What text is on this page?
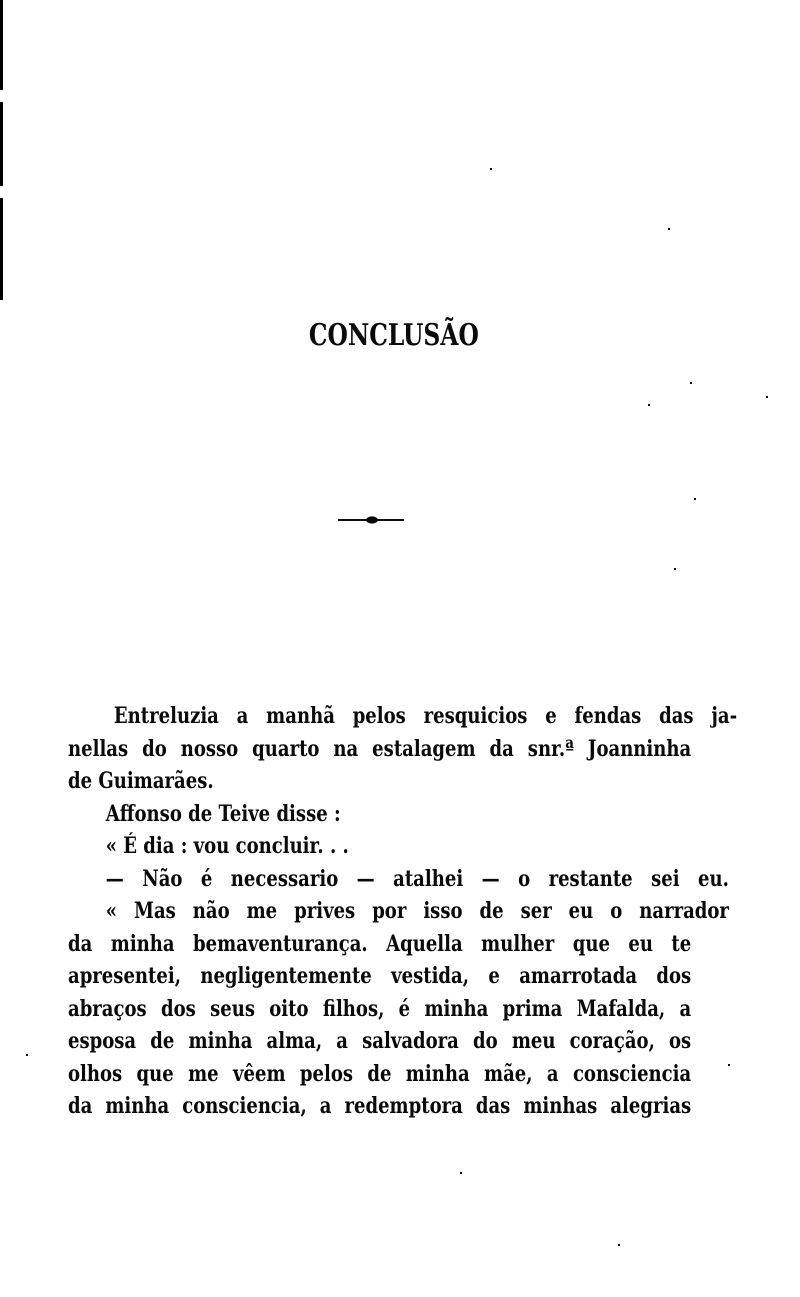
CONCLUSÃO
Entreluzia a manhã pelos resquicios e fendas das ja-
nellas do nosso quarto na estalagem da snr.ª Joanninha
de Guimarães.
Affonso de Teive disse :
« É dia : vou concluir. . .
— Não é necessario — atalhei — o restante sei eu.
« Mas não me prives por isso de ser eu o narrador
da minha bemaventurança. Aquella mulher que eu te
apresentei, negligentemente vestida, e amarrotada dos
abraços dos seus oito filhos, é minha prima Mafalda, a
esposa de minha alma, a salvadora do meu coração, os
olhos que me vêem pelos de minha mãe, a consciencia
da minha consciencia, a redemptora das minhas alegrias
